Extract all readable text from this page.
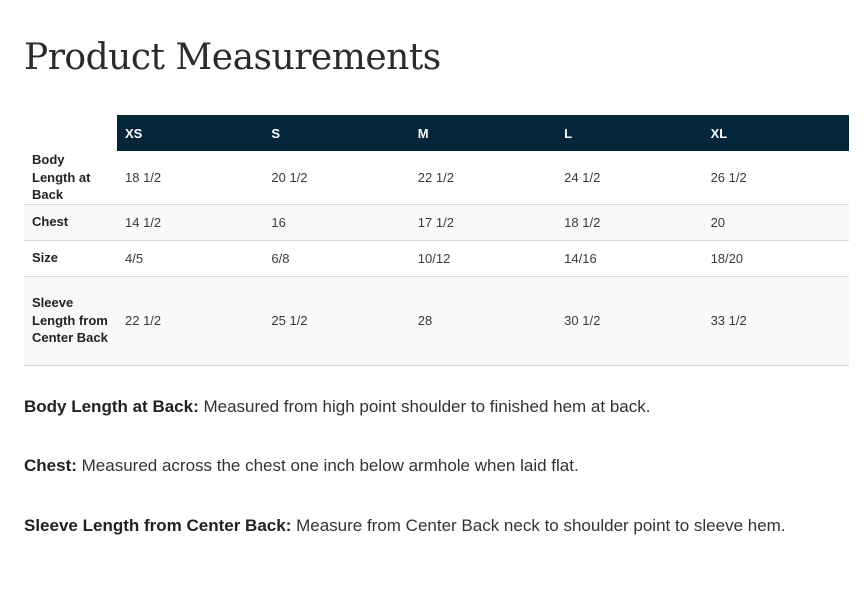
Product Measurements
	XS	S	M	L	XL
Body Length at Back	18 1/2	20 1/2	22 1/2	24 1/2	26 1/2
Chest	14 1/2	16	17 1/2	18 1/2	20
Size	4/5	6/8	10/12	14/16	18/20
Sleeve Length from Center Back	22 1/2	25 1/2	28	30 1/2	33 1/2

Body Length at Back: Measured from high point shoulder to finished hem at back.

Chest: Measured across the chest one inch below armhole when laid flat.

Sleeve Length from Center Back: Measure from Center Back neck to shoulder point to sleeve hem.
